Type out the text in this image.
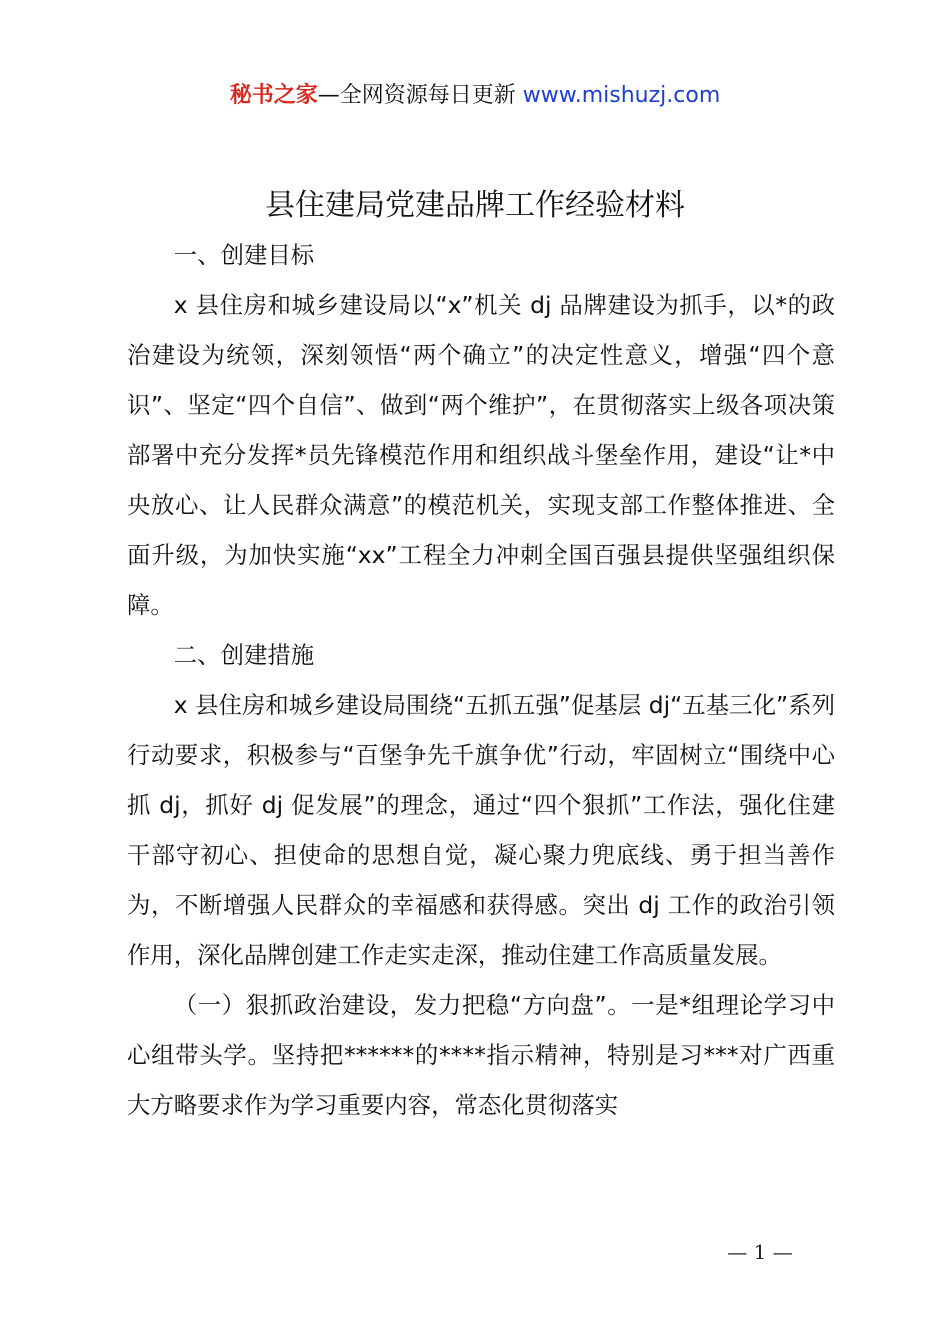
秘书之家—全网资源每日更新 www.mishuzj.com
县住建局党建品牌工作经验材料

一、创建目标

x 县住房和城乡建设局以“x”机关 dj 品牌建设为抓手，以*的政治建设为统领，深刻领悟“两个确立”的决定性意义，增强“四个意识”、坚定“四个自信”、做到“两个维护”，在贯彻落实上级各项决策部署中充分发挥*员先锋模范作用和组织战斗堡垒作用，建设“让*中央放心、让人民群众满意”的模范机关，实现支部工作整体推进、全面升级，为加快实施“xx”工程全力冲刺全国百强县提供坚强组织保障。

二、创建措施

x 县住房和城乡建设局围绕“五抓五强”促基层 dj“五基三化”系列行动要求，积极参与“百堡争先千旗争优”行动，牢固树立“围绕中心抓 dj，抓好 dj 促发展”的理念，通过“四个狠抓”工作法，强化住建干部守初心、担使命的思想自觉，凝心聚力兜底线、勇于担当善作为，不断增强人民群众的幸福感和获得感。突出 dj 工作的政治引领作用，深化品牌创建工作走实走深，推动住建工作高质量发展。

（一）狠抓政治建设，发力把稳“方向盘”。一是*组理论学习中心组带头学。坚持把******的****指示精神，特别是习***对广西重大方略要求作为学习重要内容，常态化贯彻落实

— 1 —
